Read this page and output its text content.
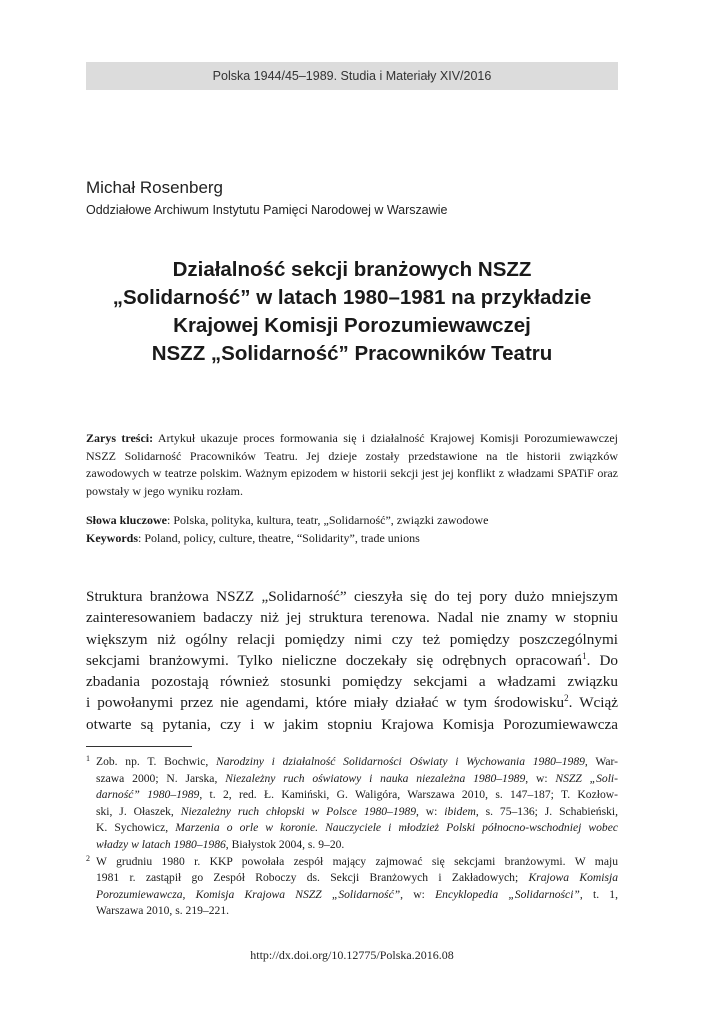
Polska 1944/45–1989. Studia i Materiały XIV/2016
Michał Rosenberg
Oddziałowe Archiwum Instytutu Pamięci Narodowej w Warszawie
Działalność sekcji branżowych NSZZ
„Solidarność” w latach 1980–1981 na przykładzie
Krajowej Komisji Porozumiewawczej
NSZZ „Solidarność” Pracowników Teatru
Zarys treści: Artykuł ukazuje proces formowania się i działalność Krajowej Komisji Porozumiewawczej NSZZ Solidarność Pracowników Teatru. Jej dzieje zostały przedstawione na tle historii związków zawodowych w teatrze polskim. Ważnym epizodem w historii sekcji jest jej konflikt z władzami SPATiF oraz powstały w jego wyniku rozłam.
Słowa kluczowe: Polska, polityka, kultura, teatr, „Solidarność”, związki zawodowe
Keywords: Poland, policy, culture, theatre, “Solidarity”, trade unions
Struktura branżowa NSZZ „Solidarność” cieszyła się do tej pory dużo mniejszym
zainteresowaniem badaczy niż jej struktura terenowa. Nadal nie znamy w stopniu
większym niż ogólny relacji pomiędzy nimi czy też pomiędzy poszczególnymi
sekcjami branżowymi. Tylko nieliczne doczekały się odrębnych opracowań$^1$. Do
zbadania pozostają również stosunki pomiędzy sekcjami a władzami związku
i powołanymi przez nie agendami, które miały działać w tym środowisku$^2$. Wciąż
otwarte są pytania, czy i w jakim stopniu Krajowa Komisja Porozumiewawcza
1 Zob. np. T. Bochwic, Narodziny i działalność Solidarności Oświaty i Wychowania 1980–1989, War-
szawa 2000; N. Jarska, Niezależny ruch oświatowy i nauka niezależna 1980–1989, w: NSZZ „Soli-
darność” 1980–1989, t. 2, red. Ł. Kamiński, G. Waligóra, Warszawa 2010, s. 147–187; T. Kozłow-
ski, J. Ołaszek, Niezależny ruch chłopski w Polsce 1980–1989, w: ibidem, s. 75–136; J. Schabieński,
K. Sychowicz, Marzenia o orle w koronie. Nauczyciele i młodzież Polski północno-wschodniej wobec
władzy w latach 1980–1986, Białystok 2004, s. 9–20.
2 W grudniu 1980 r. KKP powołała zespół mający zajmować się sekcjami branżowymi. W maju
1981 r. zastąpił go Zespół Roboczy ds. Sekcji Branżowych i Zakładowych; Krajowa Komisja
Porozumiewawcza, Komisja Krajowa NSZZ „Solidarność”, w: Encyklopedia „Solidarności”, t. 1,
Warszawa 2010, s. 219–221.
http://dx.doi.org/10.12775/Polska.2016.08
